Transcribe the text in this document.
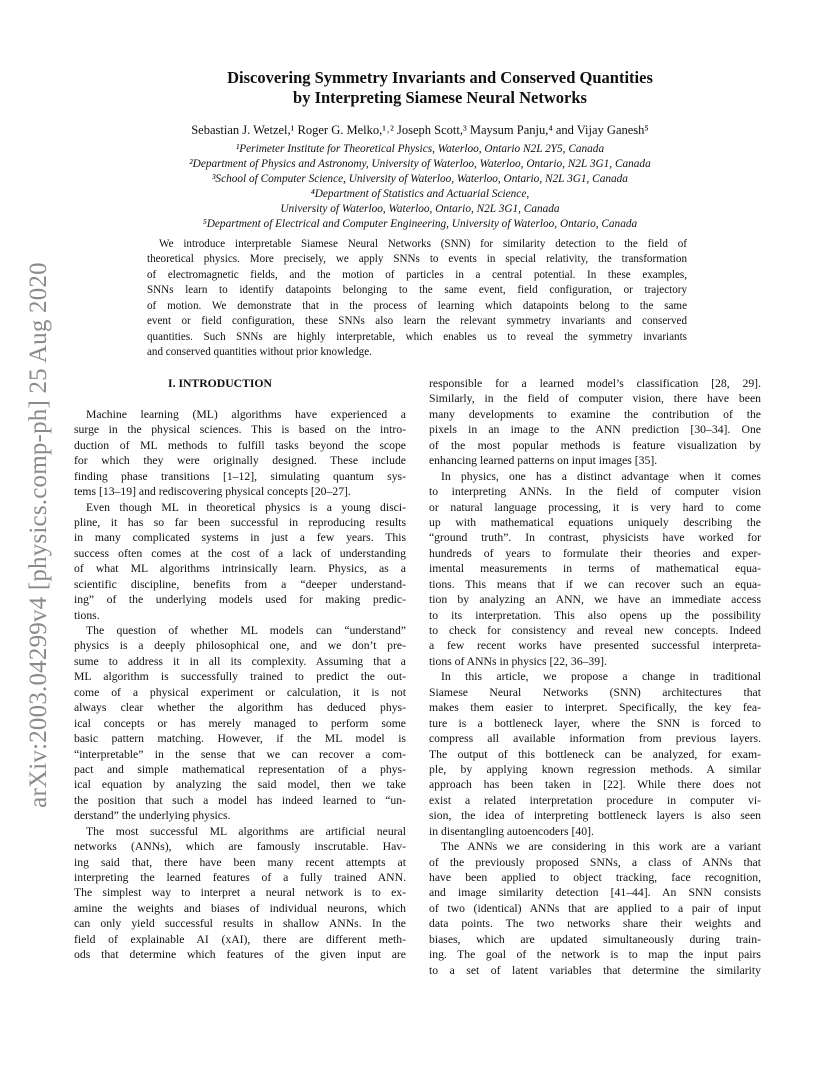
arXiv:2003.04299v4 [physics.comp-ph] 25 Aug 2020
Discovering Symmetry Invariants and Conserved Quantities
by Interpreting Siamese Neural Networks
Sebastian J. Wetzel,¹ Roger G. Melko,¹˒² Joseph Scott,³ Maysum Panju,⁴ and Vijay Ganesh⁵
¹Perimeter Institute for Theoretical Physics, Waterloo, Ontario N2L 2Y5, Canada
²Department of Physics and Astronomy, University of Waterloo, Waterloo, Ontario, N2L 3G1, Canada
³School of Computer Science, University of Waterloo, Waterloo, Ontario, N2L 3G1, Canada
⁴Department of Statistics and Actuarial Science,
University of Waterloo, Waterloo, Ontario, N2L 3G1, Canada
⁵Department of Electrical and Computer Engineering, University of Waterloo, Ontario, Canada
We introduce interpretable Siamese Neural Networks (SNN) for similarity detection to the field of
theoretical physics. More precisely, we apply SNNs to events in special relativity, the transformation
of electromagnetic fields, and the motion of particles in a central potential. In these examples,
SNNs learn to identify datapoints belonging to the same event, field configuration, or trajectory
of motion. We demonstrate that in the process of learning which datapoints belong to the same
event or field configuration, these SNNs also learn the relevant symmetry invariants and conserved
quantities. Such SNNs are highly interpretable, which enables us to reveal the symmetry invariants
and conserved quantities without prior knowledge.
I. INTRODUCTION
Machine learning (ML) algorithms have experienced a
surge in the physical sciences. This is based on the intro-
duction of ML methods to fulfill tasks beyond the scope
for which they were originally designed. These include
finding phase transitions [1–12], simulating quantum sys-
tems [13–19] and rediscovering physical concepts [20–27].
Even though ML in theoretical physics is a young disci-
pline, it has so far been successful in reproducing results
in many complicated systems in just a few years. This
success often comes at the cost of a lack of understanding
of what ML algorithms intrinsically learn. Physics, as a
scientific discipline, benefits from a “deeper understand-
ing” of the underlying models used for making predic-
tions.
The question of whether ML models can “understand”
physics is a deeply philosophical one, and we don’t pre-
sume to address it in all its complexity. Assuming that a
ML algorithm is successfully trained to predict the out-
come of a physical experiment or calculation, it is not
always clear whether the algorithm has deduced phys-
ical concepts or has merely managed to perform some
basic pattern matching. However, if the ML model is
“interpretable” in the sense that we can recover a com-
pact and simple mathematical representation of a phys-
ical equation by analyzing the said model, then we take
the position that such a model has indeed learned to “un-
derstand” the underlying physics.
The most successful ML algorithms are artificial neural
networks (ANNs), which are famously inscrutable. Hav-
ing said that, there have been many recent attempts at
interpreting the learned features of a fully trained ANN.
The simplest way to interpret a neural network is to ex-
amine the weights and biases of individual neurons, which
can only yield successful results in shallow ANNs. In the
field of explainable AI (xAI), there are different meth-
ods that determine which features of the given input are
responsible for a learned model’s classification [28, 29].
Similarly, in the field of computer vision, there have been
many developments to examine the contribution of the
pixels in an image to the ANN prediction [30–34]. One
of the most popular methods is feature visualization by
enhancing learned patterns on input images [35].
In physics, one has a distinct advantage when it comes
to interpreting ANNs. In the field of computer vision
or natural language processing, it is very hard to come
up with mathematical equations uniquely describing the
“ground truth”. In contrast, physicists have worked for
hundreds of years to formulate their theories and exper-
imental measurements in terms of mathematical equa-
tions. This means that if we can recover such an equa-
tion by analyzing an ANN, we have an immediate access
to its interpretation. This also opens up the possibility
to check for consistency and reveal new concepts. Indeed
a few recent works have presented successful interpreta-
tions of ANNs in physics [22, 36–39].
In this article, we propose a change in traditional
Siamese Neural Networks (SNN) architectures that
makes them easier to interpret. Specifically, the key fea-
ture is a bottleneck layer, where the SNN is forced to
compress all available information from previous layers.
The output of this bottleneck can be analyzed, for exam-
ple, by applying known regression methods. A similar
approach has been taken in [22]. While there does not
exist a related interpretation procedure in computer vi-
sion, the idea of interpreting bottleneck layers is also seen
in disentangling autoencoders [40].
The ANNs we are considering in this work are a variant
of the previously proposed SNNs, a class of ANNs that
have been applied to object tracking, face recognition,
and image similarity detection [41–44]. An SNN consists
of two (identical) ANNs that are applied to a pair of input
data points. The two networks share their weights and
biases, which are updated simultaneously during train-
ing. The goal of the network is to map the input pairs
to a set of latent variables that determine the similarity
